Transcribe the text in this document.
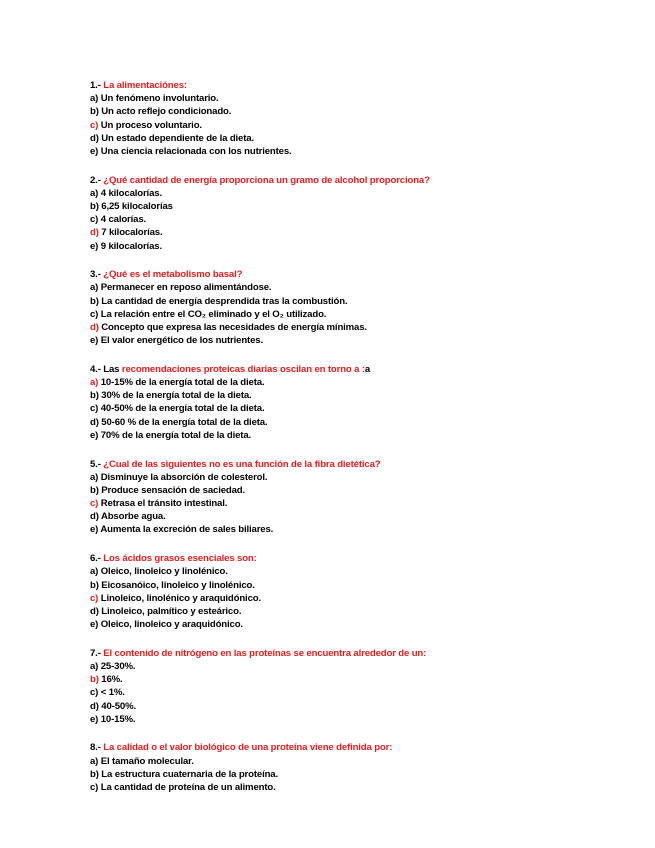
1.- La alimentaciónes:
a) Un fenómeno involuntario.
b) Un acto reflejo condicionado.
c) Un proceso voluntario.
d) Un estado dependiente de la dieta.
e) Una ciencia relacionada con los nutrientes.
2.- ¿Qué cantidad de energía proporciona un gramo de alcohol proporciona?
a) 4 kilocalorías.
b) 6,25 kilocalorías
c) 4 calorías.
d) 7 kilocalorías.
e) 9 kilocalorías.
3.- ¿Qué es el metabolismo basal?
a) Permanecer en reposo alimentándose.
b) La cantidad de energía desprendida tras la combustión.
c) La relación entre el CO₂ eliminado y el O₂ utilizado.
d) Concepto que expresa las necesidades de energía mínimas.
e) El valor energético de los nutrientes.
4.- Las recomendaciones proteicas diarias oscilan en torno a :a
a) 10-15% de la energía total de la dieta.
b) 30% de la energía total de la dieta.
c) 40-50% de la energía total de la dieta.
d) 50-60 % de la energía total de la dieta.
e) 70% de la energía total de la dieta.
5.- ¿Cual de las siguientes no es una función de la fibra dietética?
a) Disminuye la absorción de colesterol.
b) Produce sensación de saciedad.
c) Retrasa el tránsito intestinal.
d) Absorbe agua.
e) Aumenta la excreción de sales biliares.
6.- Los ácidos grasos esenciales son:
a) Oleico, linoleico y linolénico.
b) Eicosanóico, linoleico y linolénico.
c) Linoleico, linolénico y araquidónico.
d) Linoleico, palmítico y esteárico.
e) Oleico, linoleico y araquidónico.
7.- El contenido de nitrógeno en las proteínas se encuentra alrededor de un:
a) 25-30%.
b) 16%.
c) < 1%.
d) 40-50%.
e) 10-15%.
8.- La calidad o el valor biológico de una proteína viene definida por:
a) El tamaño molecular.
b) La estructura cuaternaria de la proteína.
c) La cantidad de proteína de un alimento.
